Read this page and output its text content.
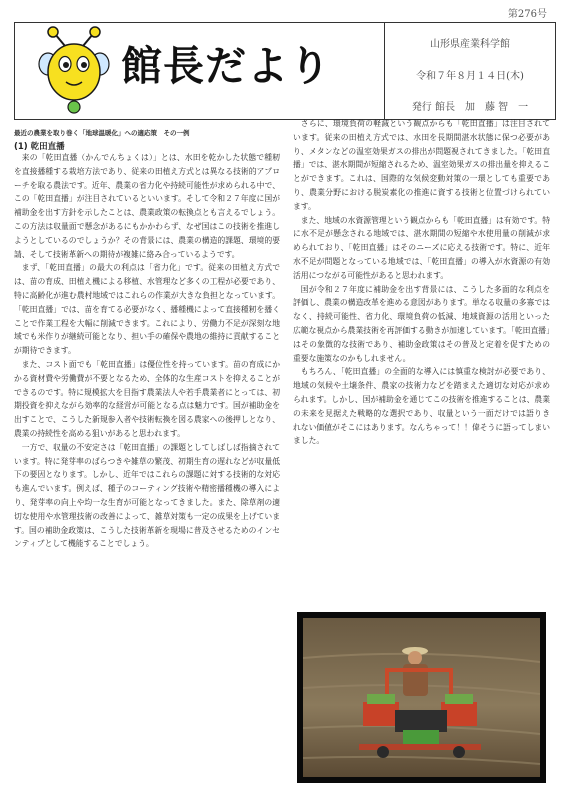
第276号
館長だより	山形県産業科学館
令和７年８月１４日(木)
発行 館長　加　藤 智　一
最近の農業を取り巻く「地球温暖化」への適応策　その一例
(1) 乾田直播

来の「乾田直播（かんでんちょくは）」とは、水田を乾かした状態で種籾を直接播種する栽培方法であり、従来の田植え方式とは異なる技術的アプローチを取る農法です。近年、農業の省力化や持続可能性が求められる中で、この「乾田直播」が注目されているといいます。そして令和２７年度に国が補助金を出す方針を示したことは、農業政策の転換点とも言えるでしょう。この方法は収量面で懸念があるにもかかわらず、なぜ国はこの技術を推進しようとしているのでしょうか？その背景には、農業の構造的課題、環境的要請、そして技術革新への期待が複雑に絡み合っているようです。

まず、「乾田直播」の最大の利点は「省力化」です。従来の田植え方式では、苗の育成、田植え機による移植、水管理など多くの工程が必要であり、特に高齢化が進む農村地域ではこれらの作業が大きな負担となっています。「乾田直播」では、苗を育てる必要がなく、播種機によって直接種籾を播くことで作業工程を大幅に削減できます。これにより、労働力不足が深刻な地域でも米作りが継続可能となり、担い手の確保や農地の維持に貢献することが期待できます。

また、コスト面でも「乾田直播」は優位性を持っています。苗の育成にかかる資材費や労働費が不要となるため、全体的な生産コストを抑えることができるのです。特に規模拡大を目指す農業法人や若手農業者にとっては、初期投資を抑えながら効率的な経営が可能となる点は魅力です。国が補助金を出すことで、こうした新規参入者や技術転換を図る農家への後押しとなり、農業の持続性を高める狙いがあると思われます。

一方で、収量の不安定さは「乾田直播」の課題としてしばしば指摘されています。特に発芽率のばらつきや雑草の繁茂、初期生育の遅れなどが収量低下の要因となります。しかし、近年ではこれらの課題に対する技術的な対応も進んでいます。例えば、種子のコーティング技術や精密播種機の導入により、発芽率の向上や均一な生育が可能となってきました。また、除草剤の適切な使用や水管理技術の改善によって、雑草対策も一定の成果を上げています。国の補助金政策は、こうした技術革新を現場に普及させるためのインセンティブとして機能することでしょう。

さらに、環境負荷の軽減という観点からも「乾田直播」は注目されています。従来の田植え方式では、水田を長期間湛水状態に保つ必要があり、メタンなどの温室効果ガスの排出が問題視されてきました。「乾田直播」では、湛水期間が短縮されるため、温室効果ガスの排出量を抑えることができます。これは、国際的な気候変動対策の一環としても重要であり、農業分野における脱炭素化の推進に資する技術と位置づけられています。

また、地域の水資源管理という観点からも「乾田直播」は有効です。特に水不足が懸念される地域では、湛水期間の短縮や水使用量の削減が求められており、「乾田直播」はそのニーズに応える技術です。特に、近年水不足が問題となっている地域では、「乾田直播」の導入が水資源の有効活用につながる可能性があると思われます。

国が令和２７年度に補助金を出す背景には、こうした多面的な利点を評価し、農業の構造改革を進める意図があります。単なる収量の多寡ではなく、持続可能性、省力化、環境負荷の低減、地域資源の活用といった広範な視点から農業技術を再評価する動きが加速しています。「乾田直播」はその象徴的な技術であり、補助金政策はその普及と定着を促すための重要な施策なのかもしれません。

もちろん、「乾田直播」の全面的な導入には慎重な検討が必要であり、地域の気候や土壌条件、農家の技術力などを踏まえた適切な対応が求められます。しかし、国が補助金を通じてこの技術を推進することは、農業の未来を見据えた戦略的な選択であり、収量という一面だけでは語りきれない価値がそこにはあります。なんちゃって！！偉そうに語ってしまいました。
